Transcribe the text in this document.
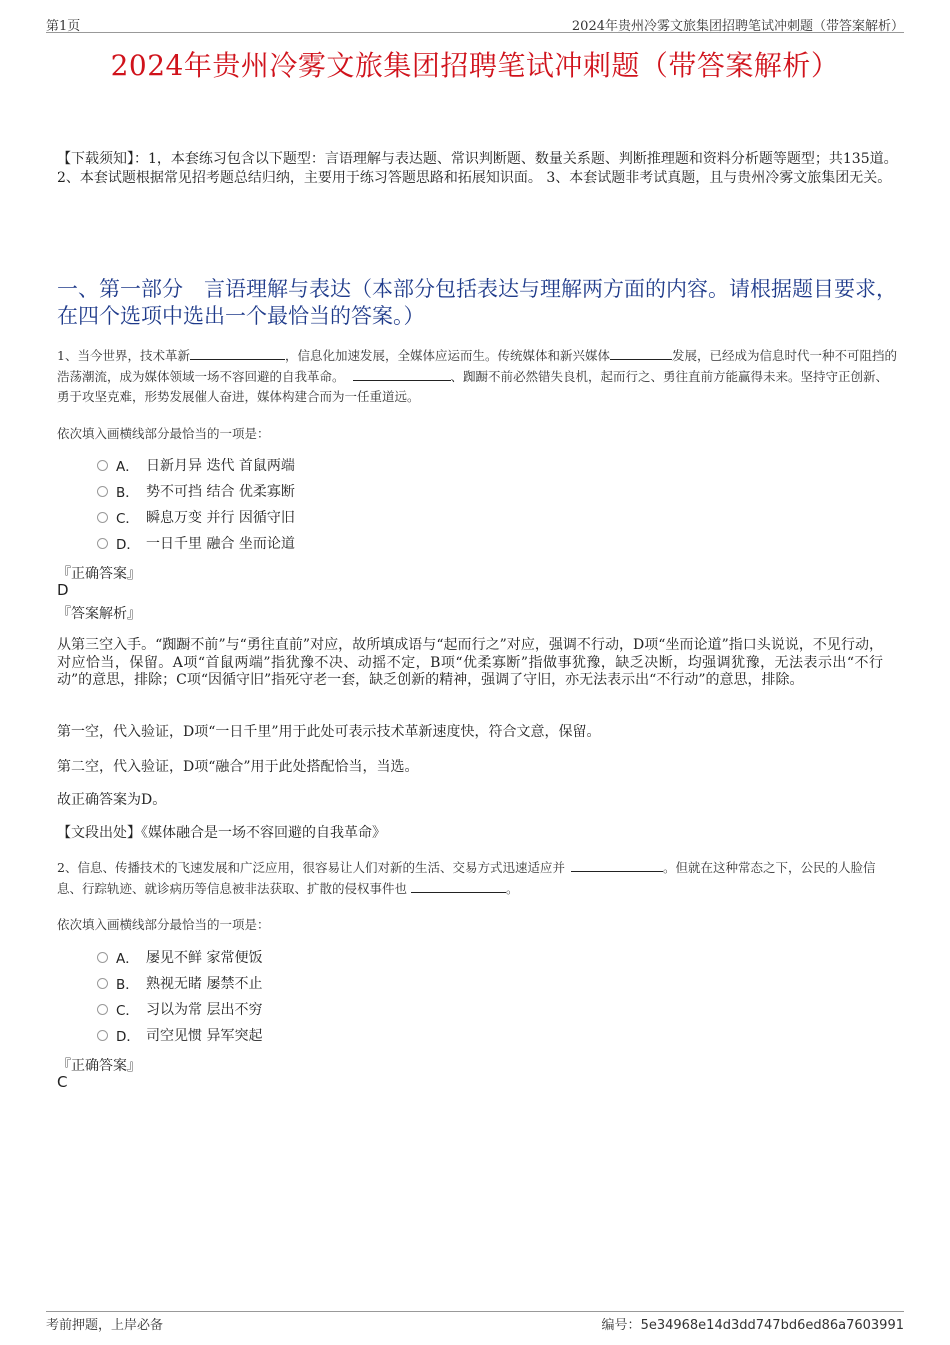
第1页	2024年贵州冷雾文旅集团招聘笔试冲刺题（带答案解析）
2024年贵州冷雾文旅集团招聘笔试冲刺题（带答案解析）
【下载须知】：1，本套练习包含以下题型：言语理解与表达题、常识判断题、数量关系题、判断推理题和资料分析题等题型；共135道。 2、本套试题根据常见招考题总结归纳，主要用于练习答题思路和拓展知识面。 3、本套试题非考试真题，且与贵州冷雾文旅集团无关。
一、第一部分　言语理解与表达（本部分包括表达与理解两方面的内容。请根据题目要求，在四个选项中选出一个最恰当的答案。）
1、当今世界，技术革新	，信息化加速发展，全媒体应运而生。传统媒体和新兴媒体	发展，已经成为信息时代一种不可阻挡的浩荡潮流，成为媒体领域一场不容回避的自我革命。	、踟蹰不前必然错失良机，起而行之、勇往直前方能赢得未来。坚持守正创新、勇于攻坚克难，形势发展催人奋进，媒体构建合而为一任重道远。
依次填入画横线部分最恰当的一项是：
A． 日新月异 迭代 首鼠两端
B． 势不可挡 结合 优柔寡断
C． 瞬息万变 并行 因循守旧
D． 一日千里 融合 坐而论道
『正确答案』
D
『答案解析』
从第三空入手。“踟蹰不前”与“勇往直前”对应，故所填成语与“起而行之”对应，强调不行动，D项“坐而论道”指口头说说，不见行动，对应恰当，保留。A项“首鼠两端”指犹豫不决、动摇不定，B项“优柔寡断”指做事犹豫，缺乏决断，均强调犹豫，无法表示出“不行动”的意思，排除；C项“因循守旧”指死守老一套，缺乏创新的精神，强调了守旧，亦无法表示出“不行动”的意思，排除。
第一空，代入验证，D项“一日千里”用于此处可表示技术革新速度快，符合文意，保留。
第二空，代入验证，D项“融合”用于此处搭配恰当，当选。
故正确答案为D。
【文段出处】《媒体融合是一场不容回避的自我革命》
2、信息、传播技术的飞速发展和广泛应用，很容易让人们对新的生活、交易方式迅速适应并	。但就在这种常态之下，公民的人脸信息、行踪轨迹、就诊病历等信息被非法获取、扩散的侵权事件也	。
依次填入画横线部分最恰当的一项是：
A． 屡见不鲜 家常便饭
B． 熟视无睹 屡禁不止
C． 习以为常 层出不穷
D． 司空见惯 异军突起
『正确答案』
C
考前押题，上岸必备	编号：5e34968e14d3dd747bd6ed86a7603991
